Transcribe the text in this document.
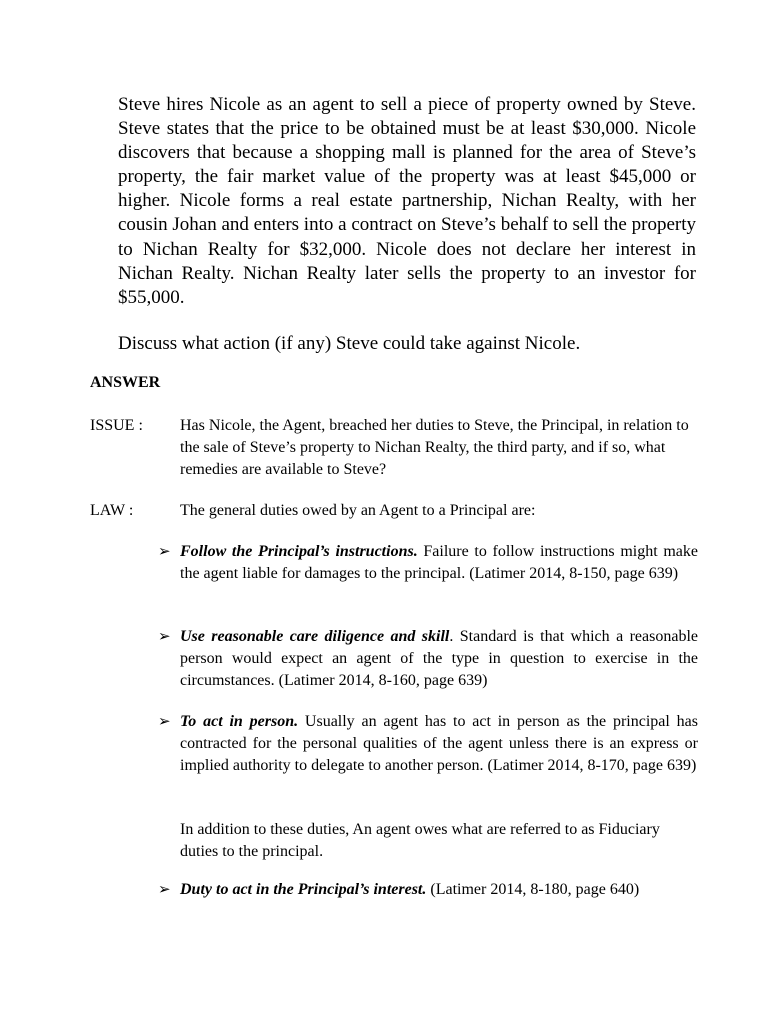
Steve hires Nicole as an agent to sell a piece of property owned by Steve. Steve states that the price to be obtained must be at least $30,000. Nicole discovers that because a shopping mall is planned for the area of Steve’s property, the fair market value of the property was at least $45,000 or higher. Nicole forms a real estate partnership, Nichan Realty, with her cousin Johan and enters into a contract on Steve’s behalf to sell the property to Nichan Realty for $32,000. Nicole does not declare her interest in Nichan Realty. Nichan Realty later sells the property to an investor for $55,000.

Discuss what action (if any) Steve could take against Nicole.

ANSWER
ISSUE : Has Nicole, the Agent, breached her duties to Steve, the Principal, in relation to the sale of Steve’s property to Nichan Realty, the third party, and if so, what remedies are available to Steve?
LAW :	The general duties owed by an Agent to a Principal are:
➢ Follow the Principal’s instructions. Failure to follow instructions might make the agent liable for damages to the principal. (Latimer 2014, 8-150, page 639)
➢ Use reasonable care diligence and skill. Standard is that which a reasonable person would expect an agent of the type in question to exercise in the circumstances. (Latimer 2014, 8-160, page 639)
➢ To act in person. Usually an agent has to act in person as the principal has contracted for the personal qualities of the agent unless there is an express or implied authority to delegate to another person. (Latimer 2014, 8-170, page 639)
In addition to these duties, An agent owes what are referred to as Fiduciary duties to the principal.
➢ Duty to act in the Principal’s interest. (Latimer 2014, 8-180, page 640)
